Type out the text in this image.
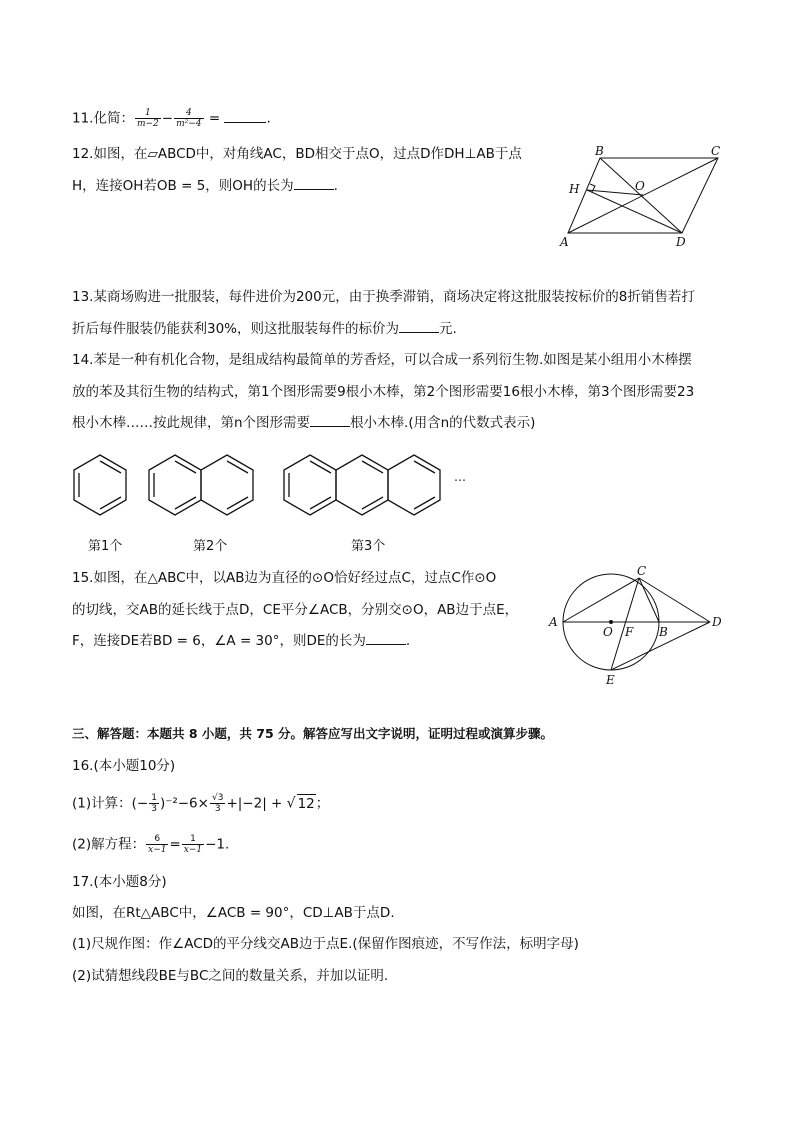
11.化简： $\frac{1}{m-2} - \frac{4}{\text{m²−4}}$ =	.
12.如图，在▱ABCD中，对角线AC，BD相交于点O，过点D作DH⊥AB于点
H，连接OH若OB = 5，则OH的长为	.
B	C
H	O
A	D
13.某商场购进一批服装，每件进价为200元，由于换季滞销，商场决定将这批服装按标价的8折销售若打
折后每件服装仍能获利30%，则这批服装每件的标价为	元.
14.苯是一种有机化合物，是组成结构最简单的芳香烃，可以合成一系列衍生物.如图是某小组用小木棒摆
放的苯及其衍生物的结构式，第1个图形需要9根小木棒，第2个图形需要16根小木棒，第3个图形需要23
根小木棒……按此规律，第n个图形需要	根小木棒.(用含n的代数式表示)
…
第1个	第2个	第3个
15.如图，在△ABC中，以AB边为直径的⊙O恰好经过点C，过点C作⊙O
的切线，交AB的延长线于点D，CE平分∠ACB，分别交⊙O，AB边于点E，
F，连接DE若BD = 6，∠A = 30°，则DE的长为	.
A
O F B
D
C
E
三、解答题：本题共 8 小题，共 75 分。解答应写出文字说明，证明过程或演算步骤。
16.(本小题10分)
(1)计算：(− $\frac{1}{3} )^{-2}-6\times \frac{√3}{3} +|-2|$ + √ 12；
(2)解方程： $\frac{6}{x-1} = \frac{1}{x-1} -1$.
17.(本小题8分)
如图，在Rt△ABC中，∠ACB = 90°，CD⊥AB于点D.
(1)尺规作图：作∠ACD的平分线交AB边于点E.(保留作图痕迹，不写作法，标明字母)
(2)试猜想线段BE与BC之间的数量关系，并加以证明.
